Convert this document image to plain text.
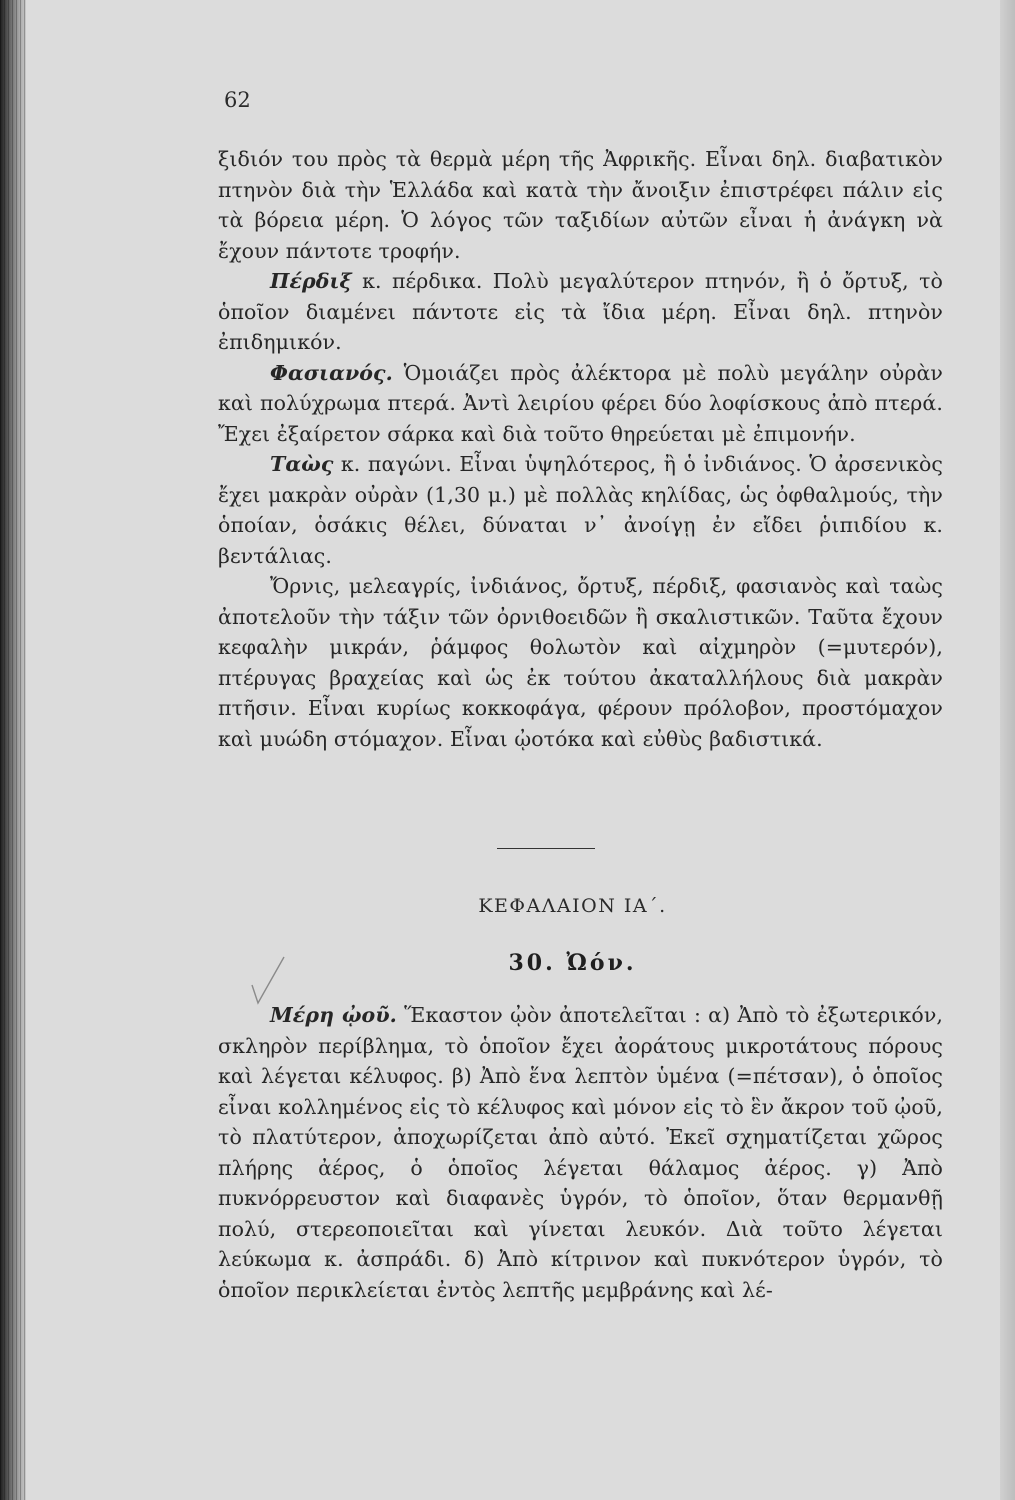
62

ξιδιόν του πρὸς τὰ θερμὰ μέρη τῆς Ἀφρικῆς. Εἶναι δηλ. διαβατικὸν πτηνὸν διὰ τὴν Ἑλλάδα καὶ κατὰ τὴν ἄνοιξιν ἐπιστρέφει πάλιν εἰς τὰ βόρεια μέρη. Ὁ λόγος τῶν ταξιδίων αὐτῶν εἶναι ἡ ἀνάγκη νὰ ἔχουν πάντοτε τροφήν.

Πέρδιξ κ. πέρδικα. Πολὺ μεγαλύτερον πτηνόν, ἢ ὁ ὄρτυξ, τὸ ὁποῖον διαμένει πάντοτε εἰς τὰ ἴδια μέρη. Εἶναι δηλ. πτηνὸν ἐπιδημικόν.

Φασιανός. Ὁμοιάζει πρὸς ἀλέκτορα μὲ πολὺ μεγάλην οὐρὰν καὶ πολύχρωμα πτερά. Ἀντὶ λειρίου φέρει δύο λοφίσκους ἀπὸ πτερά. Ἔχει ἐξαίρετον σάρκα καὶ διὰ τοῦτο θηρεύεται μὲ ἐπιμονήν.

Ταὼς κ. παγώνι. Εἶναι ὑψηλότερος, ἢ ὁ ἰνδιάνος. Ὁ ἀρσενικὸς ἔχει μακρὰν οὐρὰν (1,30 μ.) μὲ πολλὰς κηλίδας, ὡς ὀφθαλμούς, τὴν ὁποίαν, ὁσάκις θέλει, δύναται ν᾽ ἀνοίγῃ ἐν εἴδει ῥιπιδίου κ. βεντάλιας.

Ὄρνις, μελεαγρίς, ἰνδιάνος, ὄρτυξ, πέρδιξ, φασιανὸς καὶ ταὼς ἀποτελοῦν τὴν τάξιν τῶν ὀρνιθοειδῶν ἢ σκαλιστικῶν. Ταῦτα ἔχουν κεφαλὴν μικράν, ῥάμφος θολωτὸν καὶ αἰχμηρὸν (=μυτερόν), πτέρυγας βραχείας καὶ ὡς ἐκ τούτου ἀκαταλλήλους διὰ μακρὰν πτῆσιν. Εἶναι κυρίως κοκκοφάγα, φέρουν πρόλοβον, προστόμαχον καὶ μυώδη στόμαχον. Εἶναι ᾠοτόκα καὶ εὐθὺς βαδιστικά.

ΚΕΦΑΛΑΙΟΝ ΙΑ΄.
30. Ὠόν.

Μέρη ᾠοῦ. Ἕκαστον ᾠὸν ἀποτελεῖται : α) Ἀπὸ τὸ ἐξωτερικόν, σκληρὸν περίβλημα, τὸ ὁποῖον ἔχει ἀοράτους μικροτάτους πόρους καὶ λέγεται κέλυφος. β) Ἀπὸ ἕνα λεπτὸν ὑμένα (=πέτσαν), ὁ ὁποῖος εἶναι κολλημένος εἰς τὸ κέλυφος καὶ μόνον εἰς τὸ ἓν ἄκρον τοῦ ᾠοῦ, τὸ πλατύτερον, ἀποχωρίζεται ἀπὸ αὐτό. Ἐκεῖ σχηματίζεται χῶρος πλήρης ἀέρος, ὁ ὁποῖος λέγεται θάλαμος ἀέρος. γ) Ἀπὸ πυκνόρρευστον καὶ διαφανὲς ὑγρόν, τὸ ὁποῖον, ὅταν θερμανθῇ πολύ, στερεοποιεῖται καὶ γίνεται λευκόν. Διὰ τοῦτο λέγεται λεύκωμα κ. ἀσπράδι. δ) Ἀπὸ κίτρινον καὶ πυκνότερον ὑγρόν, τὸ ὁποῖον περικλείεται ἐντὸς λεπτῆς μεμβράνης καὶ λέ-
